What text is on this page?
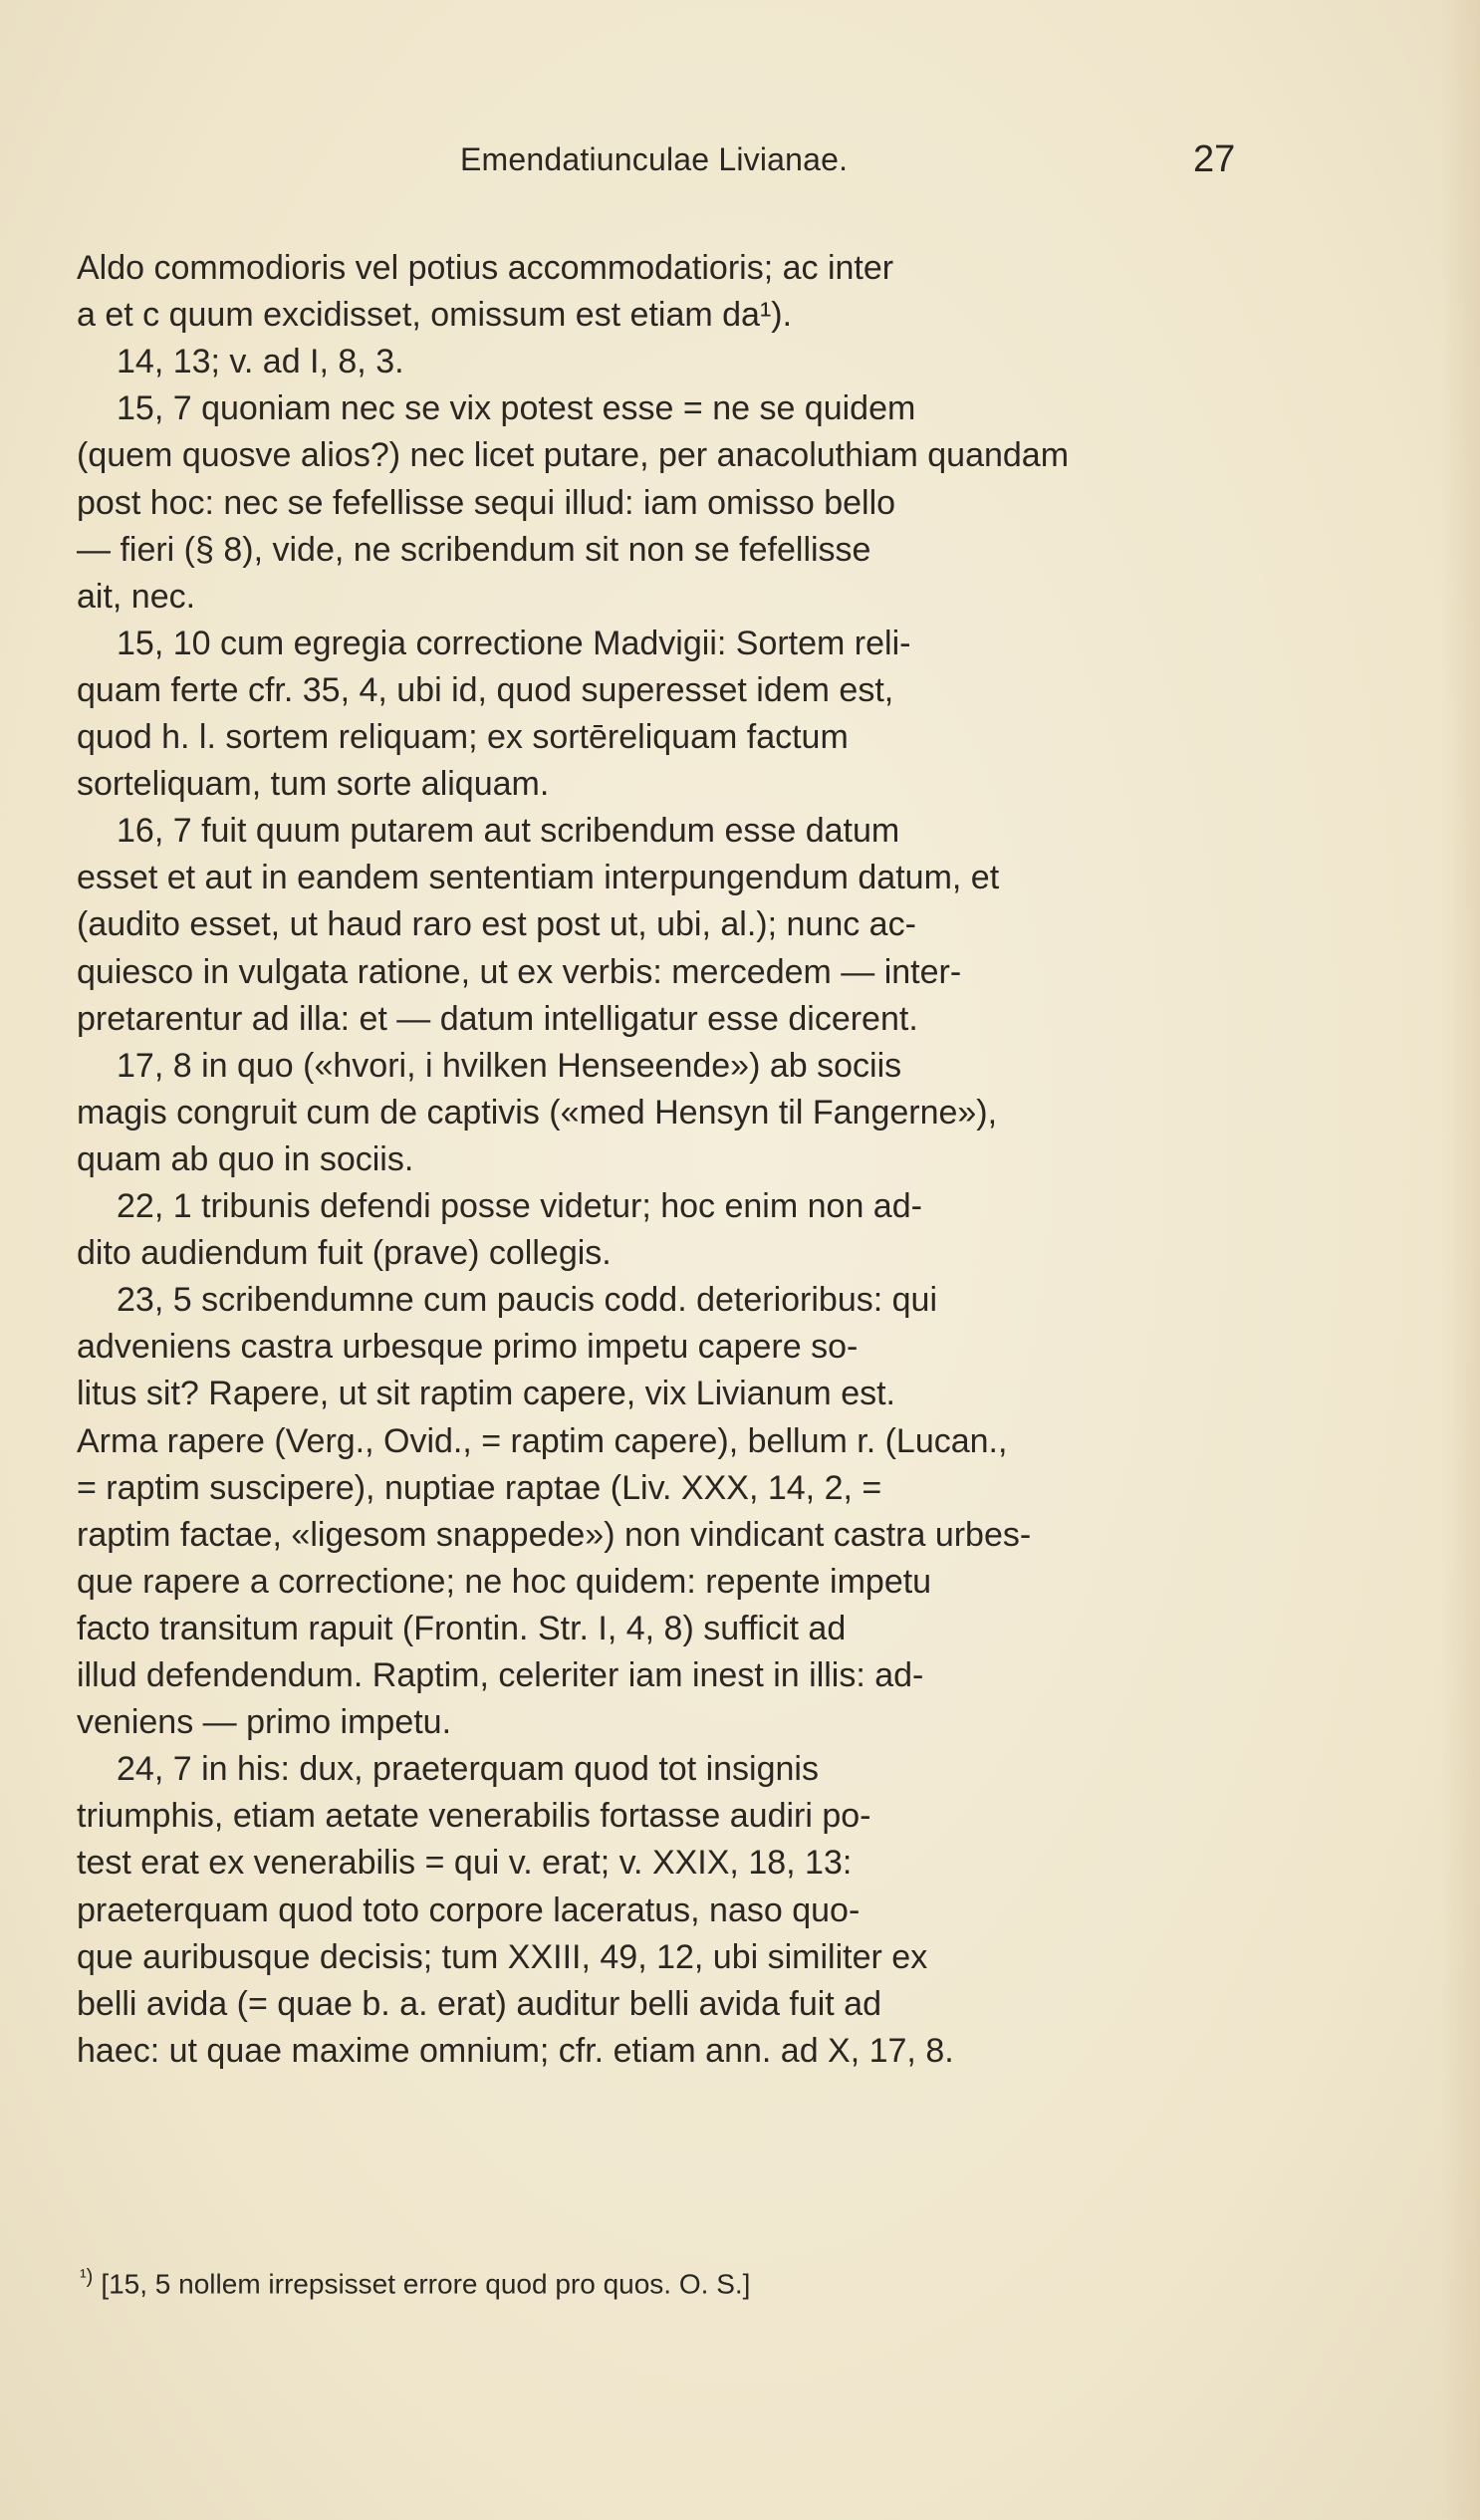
Emendatiunculae Livianae.	27
Aldo commodioris vel potius accommodatioris; ac inter
a et c quum excidisset, omissum est etiam da¹).
14, 13; v. ad I, 8, 3.
15, 7 quoniam nec se vix potest esse = ne se quidem
(quem quosve alios?) nec licet putare, per anacoluthiam quandam
post hoc: nec se fefellisse sequi illud: iam omisso bello
— fieri (§ 8), vide, ne scribendum sit non se fefellisse
ait, nec.
15, 10 cum egregia correctione Madvigii: Sortem reli-
quam ferte cfr. 35, 4, ubi id, quod superesset idem est,
quod h. l. sortem reliquam; ex sortēreliquam factum
sorteliquam, tum sorte aliquam.
16, 7 fuit quum putarem aut scribendum esse datum
esset et aut in eandem sententiam interpungendum datum, et
(audito esset, ut haud raro est post ut, ubi, al.); nunc ac-
quiesco in vulgata ratione, ut ex verbis: mercedem — inter-
pretarentur ad illa: et — datum intelligatur esse dicerent.
17, 8 in quo («hvori, i hvilken Henseende») ab sociis
magis congruit cum de captivis («med Hensyn til Fangerne»),
quam ab quo in sociis.
22, 1 tribunis defendi posse videtur; hoc enim non ad-
dito audiendum fuit (prave) collegis.
23, 5 scribendumne cum paucis codd. deterioribus: qui
adveniens castra urbesque primo impetu capere so-
litus sit? Rapere, ut sit raptim capere, vix Livianum est.
Arma rapere (Verg., Ovid., = raptim capere), bellum r. (Lucan.,
= raptim suscipere), nuptiae raptae (Liv. XXX, 14, 2, =
raptim factae, «ligesom snappede») non vindicant castra urbes-
que rapere a correctione; ne hoc quidem: repente impetu
facto transitum rapuit (Frontin. Str. I, 4, 8) sufficit ad
illud defendendum. Raptim, celeriter iam inest in illis: ad-
veniens — primo impetu.
24, 7 in his: dux, praeterquam quod tot insignis
triumphis, etiam aetate venerabilis fortasse audiri po-
test erat ex venerabilis = qui v. erat; v. XXIX, 18, 13:
praeterquam quod toto corpore laceratus, naso quo-
que auribusque decisis; tum XXIII, 49, 12, ubi similiter ex
belli avida (= quae b. a. erat) auditur belli avida fuit ad
haec: ut quae maxime omnium; cfr. etiam ann. ad X, 17, 8.
$^{^1)}$ [15, 5 nollem irrepsisset errore quod pro quos. O. S.]
